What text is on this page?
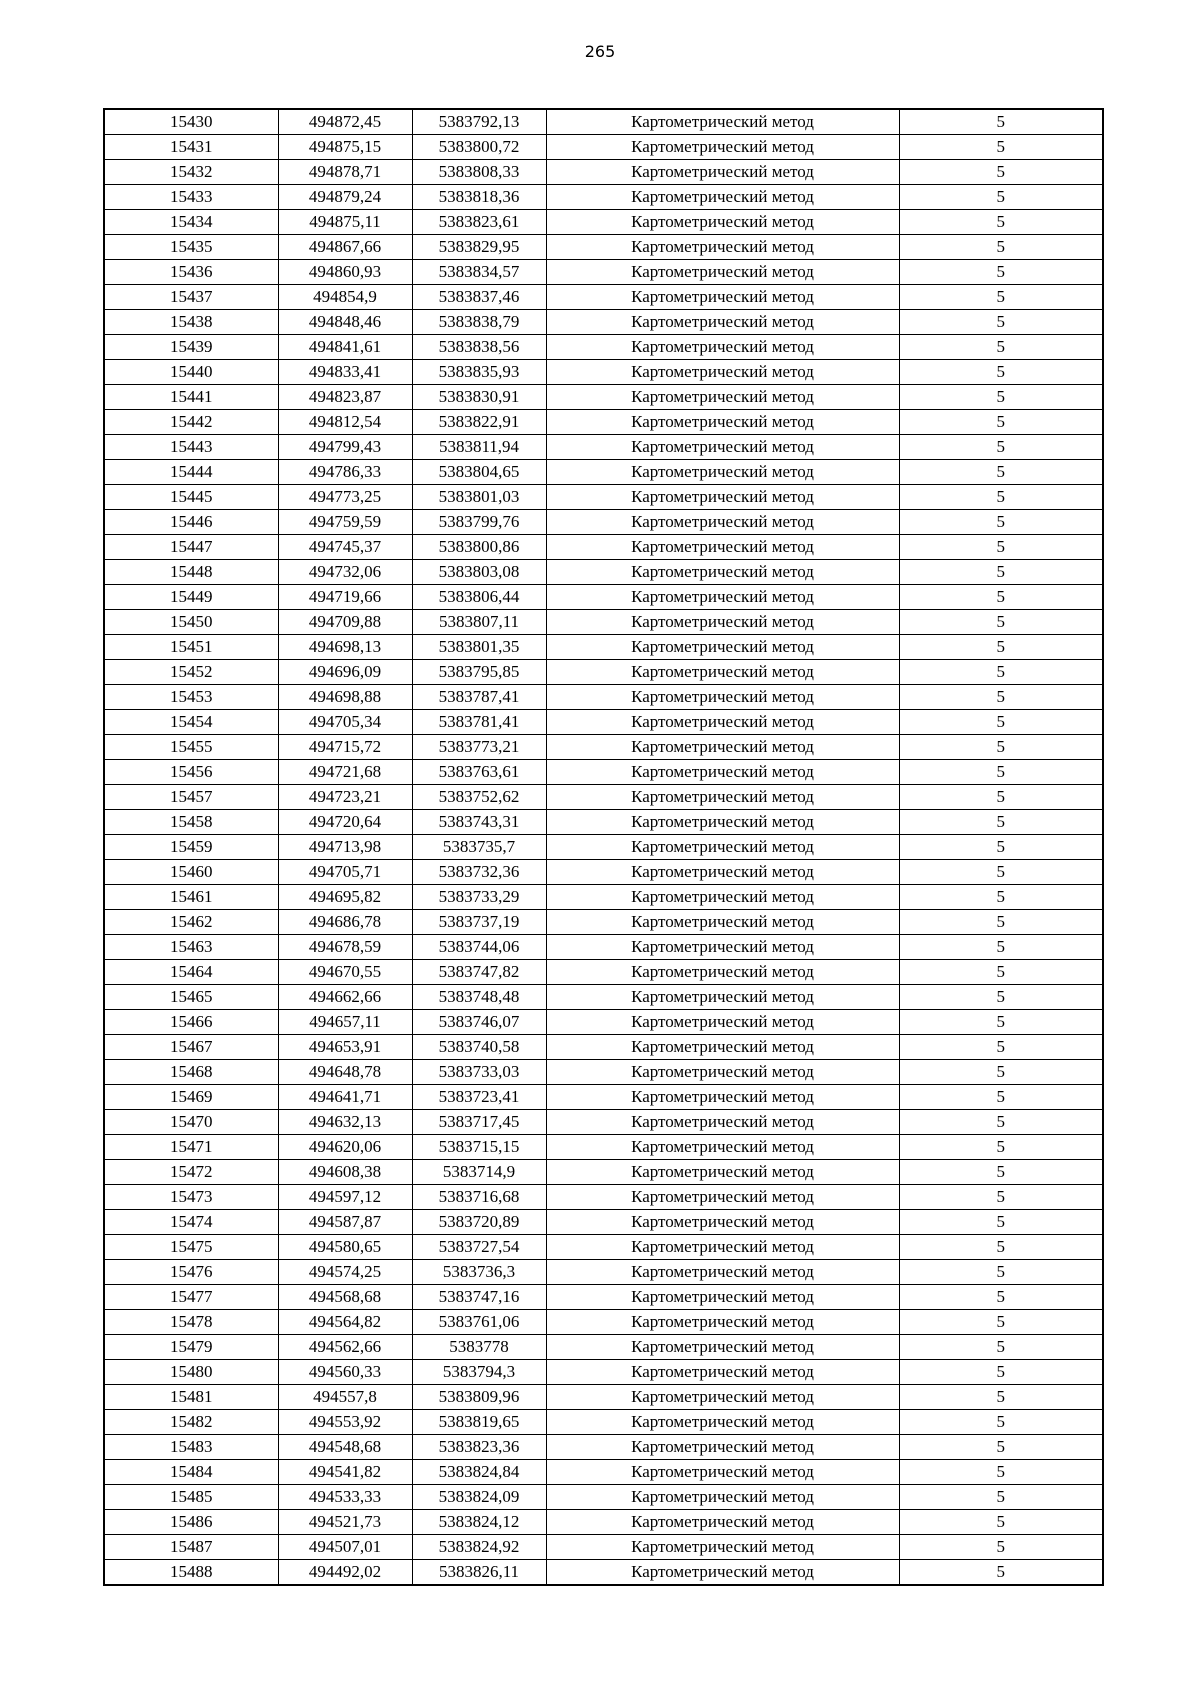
265
15430	494872,45	5383792,13	Картометрический метод	5
15431	494875,15	5383800,72	Картометрический метод	5
15432	494878,71	5383808,33	Картометрический метод	5
15433	494879,24	5383818,36	Картометрический метод	5
15434	494875,11	5383823,61	Картометрический метод	5
15435	494867,66	5383829,95	Картометрический метод	5
15436	494860,93	5383834,57	Картометрический метод	5
15437	494854,9	5383837,46	Картометрический метод	5
15438	494848,46	5383838,79	Картометрический метод	5
15439	494841,61	5383838,56	Картометрический метод	5
15440	494833,41	5383835,93	Картометрический метод	5
15441	494823,87	5383830,91	Картометрический метод	5
15442	494812,54	5383822,91	Картометрический метод	5
15443	494799,43	5383811,94	Картометрический метод	5
15444	494786,33	5383804,65	Картометрический метод	5
15445	494773,25	5383801,03	Картометрический метод	5
15446	494759,59	5383799,76	Картометрический метод	5
15447	494745,37	5383800,86	Картометрический метод	5
15448	494732,06	5383803,08	Картометрический метод	5
15449	494719,66	5383806,44	Картометрический метод	5
15450	494709,88	5383807,11	Картометрический метод	5
15451	494698,13	5383801,35	Картометрический метод	5
15452	494696,09	5383795,85	Картометрический метод	5
15453	494698,88	5383787,41	Картометрический метод	5
15454	494705,34	5383781,41	Картометрический метод	5
15455	494715,72	5383773,21	Картометрический метод	5
15456	494721,68	5383763,61	Картометрический метод	5
15457	494723,21	5383752,62	Картометрический метод	5
15458	494720,64	5383743,31	Картометрический метод	5
15459	494713,98	5383735,7	Картометрический метод	5
15460	494705,71	5383732,36	Картометрический метод	5
15461	494695,82	5383733,29	Картометрический метод	5
15462	494686,78	5383737,19	Картометрический метод	5
15463	494678,59	5383744,06	Картометрический метод	5
15464	494670,55	5383747,82	Картометрический метод	5
15465	494662,66	5383748,48	Картометрический метод	5
15466	494657,11	5383746,07	Картометрический метод	5
15467	494653,91	5383740,58	Картометрический метод	5
15468	494648,78	5383733,03	Картометрический метод	5
15469	494641,71	5383723,41	Картометрический метод	5
15470	494632,13	5383717,45	Картометрический метод	5
15471	494620,06	5383715,15	Картометрический метод	5
15472	494608,38	5383714,9	Картометрический метод	5
15473	494597,12	5383716,68	Картометрический метод	5
15474	494587,87	5383720,89	Картометрический метод	5
15475	494580,65	5383727,54	Картометрический метод	5
15476	494574,25	5383736,3	Картометрический метод	5
15477	494568,68	5383747,16	Картометрический метод	5
15478	494564,82	5383761,06	Картометрический метод	5
15479	494562,66	5383778	Картометрический метод	5
15480	494560,33	5383794,3	Картометрический метод	5
15481	494557,8	5383809,96	Картометрический метод	5
15482	494553,92	5383819,65	Картометрический метод	5
15483	494548,68	5383823,36	Картометрический метод	5
15484	494541,82	5383824,84	Картометрический метод	5
15485	494533,33	5383824,09	Картометрический метод	5
15486	494521,73	5383824,12	Картометрический метод	5
15487	494507,01	5383824,92	Картометрический метод	5
15488	494492,02	5383826,11	Картометрический метод	5
